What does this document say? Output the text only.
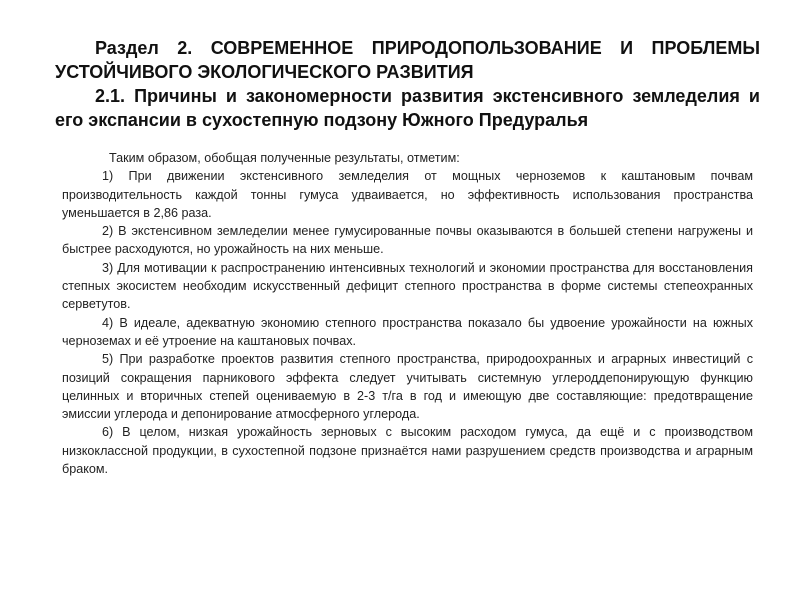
Раздел 2. СОВРЕМЕННОЕ ПРИРОДОПОЛЬЗОВАНИЕ И ПРОБЛЕМЫ УСТОЙЧИВОГО ЭКОЛОГИЧЕСКОГО РАЗВИТИЯ
2.1. Причины и закономерности развития экстенсивного земледелия и его экспансии в сухостепную подзону Южного Предуралья

Таким образом, обобщая полученные результаты, отметим:

1) При движении экстенсивного земледелия от мощных черноземов к каштановым почвам производительность каждой тонны гумуса удваивается, но эффективность использования пространства уменьшается в 2,86 раза.

2) В экстенсивном земледелии менее гумусированные почвы оказываются в большей степени нагружены и быстрее расходуются, но урожайность на них меньше.

3) Для мотивации к распространению интенсивных технологий и экономии пространства для восстановления степных экосистем необходим искусственный дефицит степного пространства в форме системы степеохранных серветутов.

4) В идеале, адекватную экономию степного пространства показало бы удвоение урожайности на южных черноземах и её утроение на каштановых почвах.

5) При разработке проектов развития степного пространства, природоохранных и аграрных инвестиций с позиций сокращения парникового эффекта следует учитывать системную углероддепонирующую функцию целинных и вторичных степей оцениваемую в 2-3 т/га в год и имеющую две составляющие: предотвращение эмиссии углерода и депонирование атмосферного углерода.

6) В целом, низкая урожайность зерновых с высоким расходом гумуса, да ещё и с производством низкоклассной продукции, в сухостепной подзоне признаётся нами разрушением средств производства и аграрным браком.
